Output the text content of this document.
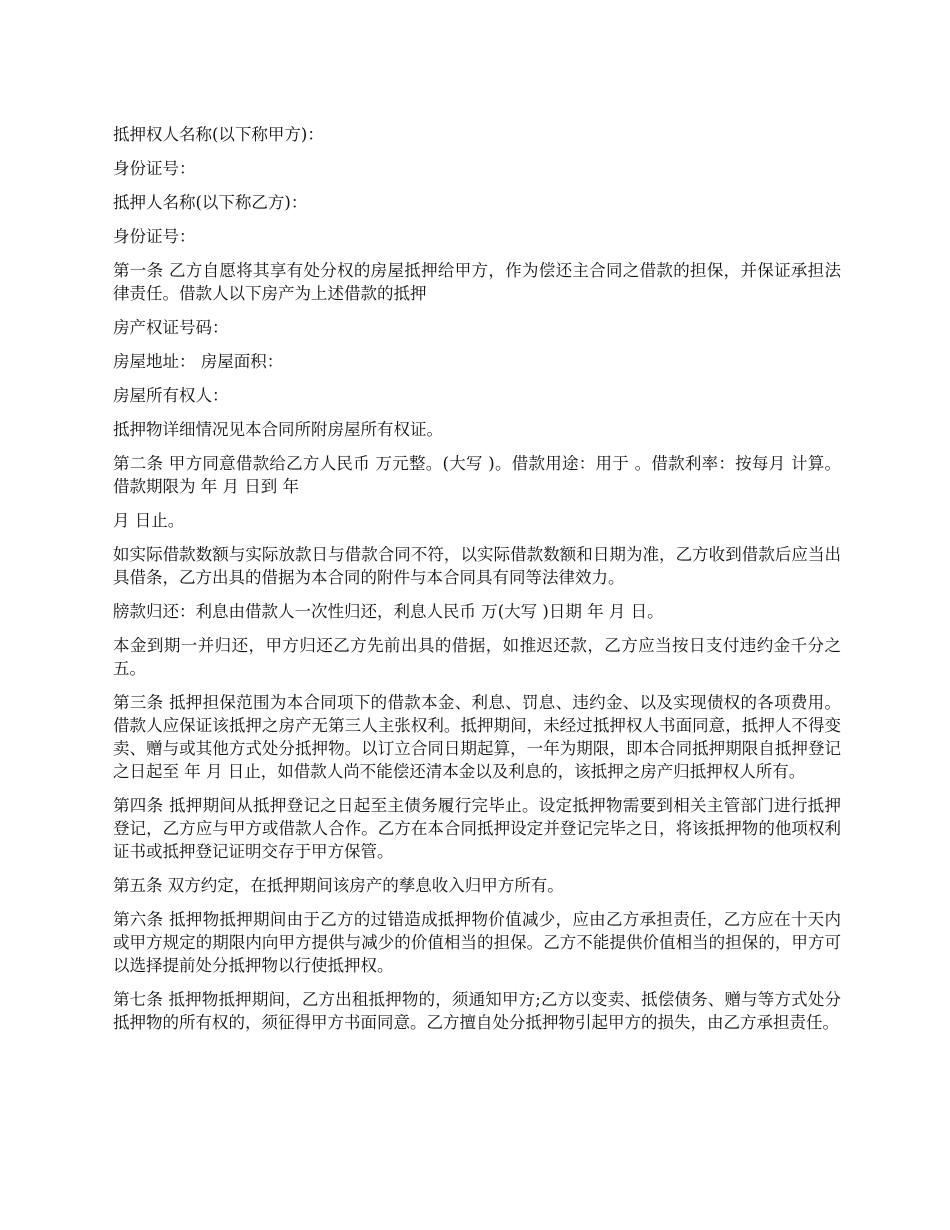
抵押权人名称(以下称甲方)：

身份证号：

抵押人名称(以下称乙方)：

身份证号：

第一条 乙方自愿将其享有处分权的房屋抵押给甲方，作为偿还主合同之借款的担保，并保证承担法律责任。借款人以下房产为上述借款的抵押

房产权证号码：

房屋地址： 房屋面积：

房屋所有权人：

抵押物详细情况见本合同所附房屋所有权证。

第二条 甲方同意借款给乙方人民币 万元整。(大写 )。借款用途：用于 。借款利率：按每月 计算。借款期限为 年 月 日到 年

月 日止。

如实际借款数额与实际放款日与借款合同不符，以实际借款数额和日期为准，乙方收到借款后应当出具借条，乙方出具的借据为本合同的附件与本合同具有同等法律效力。

牓款归还：利息由借款人一次性归还，利息人民币 万(大写 )日期 年 月 日。

本金到期一并归还，甲方归还乙方先前出具的借据，如推迟还款，乙方应当按日支付违约金千分之五。

第三条 抵押担保范围为本合同项下的借款本金、利息、罚息、违约金、以及实现债权的各项费用。借款人应保证该抵押之房产无第三人主张权利。抵押期间，未经过抵押权人书面同意，抵押人不得变卖、赠与或其他方式处分抵押物。以订立合同日期起算，一年为期限，即本合同抵押期限自抵押登记之日起至 年 月 日止，如借款人尚不能偿还清本金以及利息的，该抵押之房产归抵押权人所有。

第四条 抵押期间从抵押登记之日起至主债务履行完毕止。设定抵押物需要到相关主管部门进行抵押登记，乙方应与甲方或借款人合作。乙方在本合同抵押设定并登记完毕之日，将该抵押物的他项权利证书或抵押登记证明交存于甲方保管。

第五条 双方约定，在抵押期间该房产的孳息收入归甲方所有。

第六条 抵押物抵押期间由于乙方的过错造成抵押物价值减少，应由乙方承担责任，乙方应在十天内或甲方规定的期限内向甲方提供与减少的价值相当的担保。乙方不能提供价值相当的担保的，甲方可以选择提前处分抵押物以行使抵押权。

第七条 抵押物抵押期间，乙方出租抵押物的，须通知甲方;乙方以变卖、抵偿债务、赠与等方式处分抵押物的所有权的，须征得甲方书面同意。乙方擅自处分抵押物引起甲方的损失，由乙方承担责任。
